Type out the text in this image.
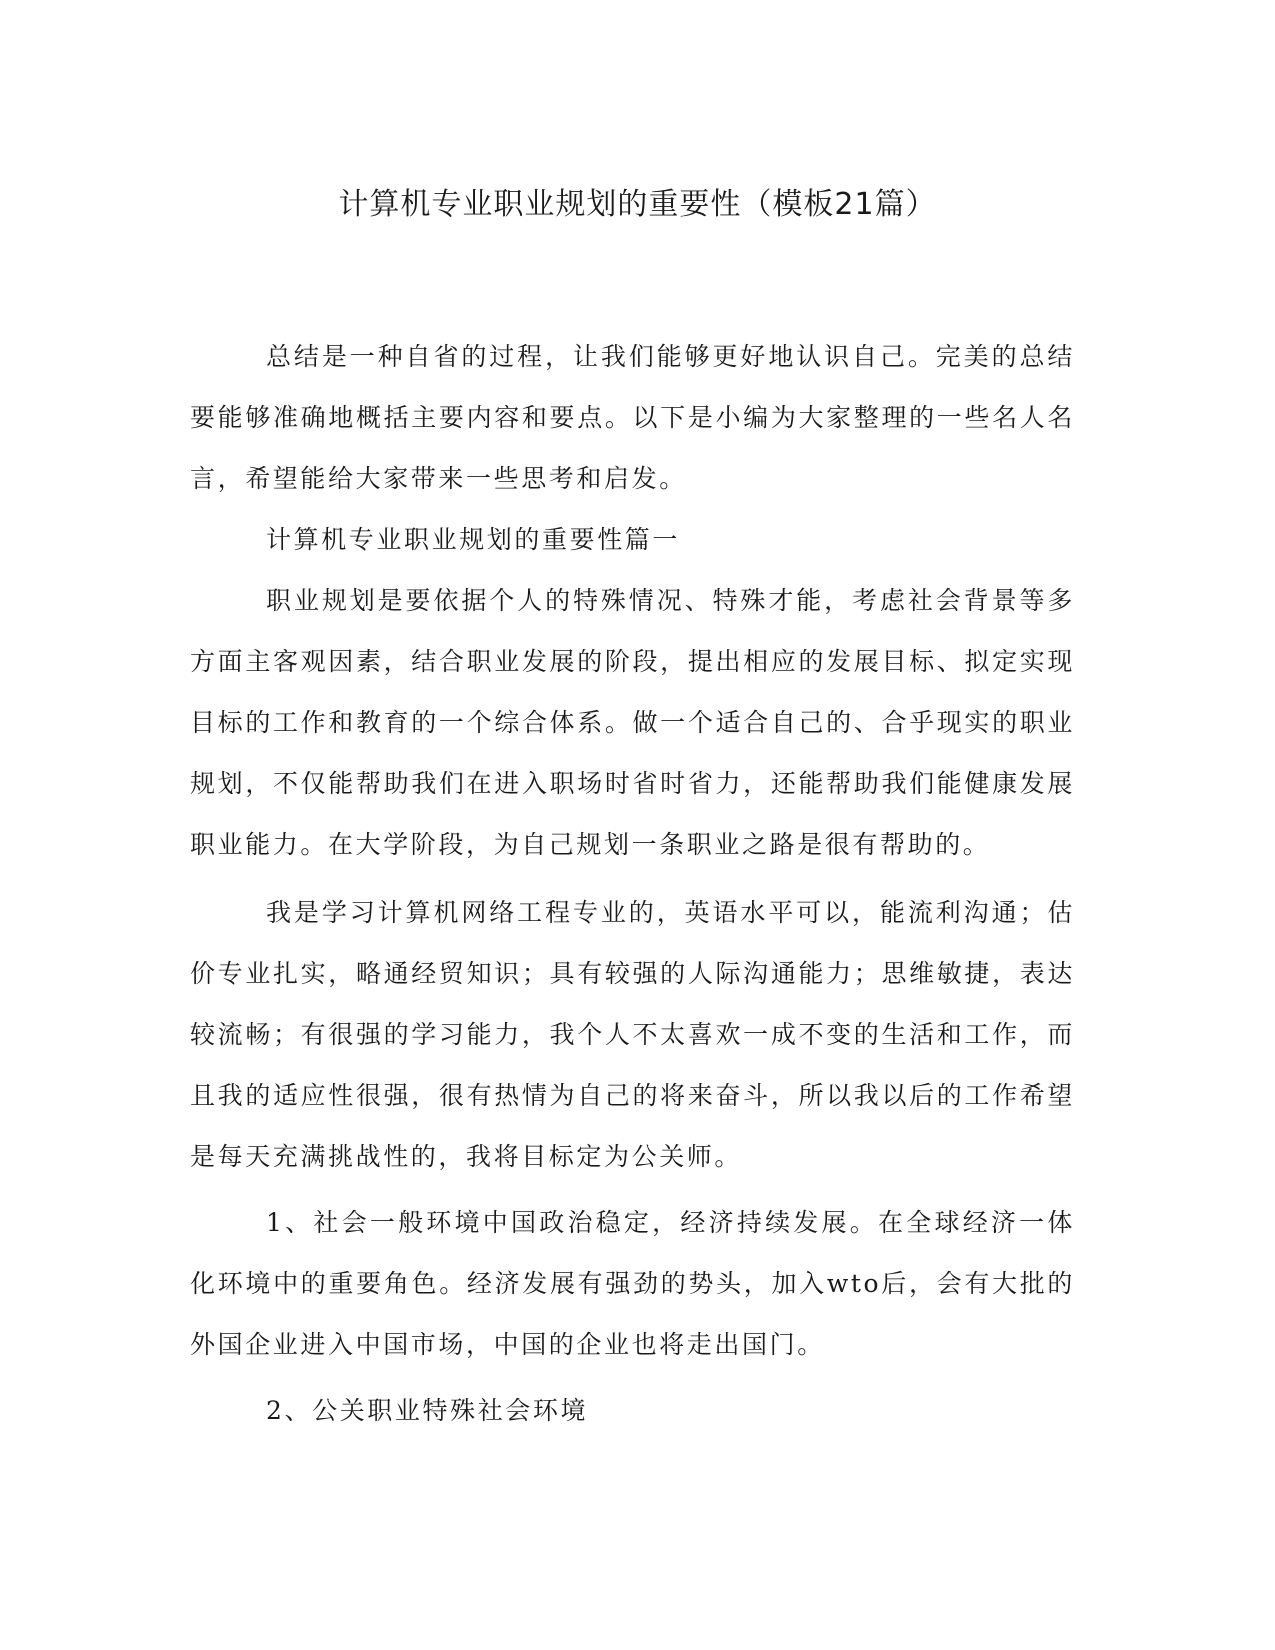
计算机专业职业规划的重要性（模板21篇）

总结是一种自省的过程，让我们能够更好地认识自己。完美的总结要能够准确地概括主要内容和要点。以下是小编为大家整理的一些名人名言，希望能给大家带来一些思考和启发。

计算机专业职业规划的重要性篇一

职业规划是要依据个人的特殊情况、特殊才能，考虑社会背景等多方面主客观因素，结合职业发展的阶段，提出相应的发展目标、拟定实现目标的工作和教育的一个综合体系。做一个适合自己的、合乎现实的职业规划，不仅能帮助我们在进入职场时省时省力，还能帮助我们能健康发展职业能力。在大学阶段，为自己规划一条职业之路是很有帮助的。

我是学习计算机网络工程专业的，英语水平可以，能流利沟通；估价专业扎实，略通经贸知识；具有较强的人际沟通能力；思维敏捷，表达较流畅；有很强的学习能力，我个人不太喜欢一成不变的生活和工作，而且我的适应性很强，很有热情为自己的将来奋斗，所以我以后的工作希望是每天充满挑战性的，我将目标定为公关师。

1、社会一般环境中国政治稳定，经济持续发展。在全球经济一体化环境中的重要角色。经济发展有强劲的势头，加入wto后，会有大批的外国企业进入中国市场，中国的企业也将走出国门。

2、公关职业特殊社会环境
